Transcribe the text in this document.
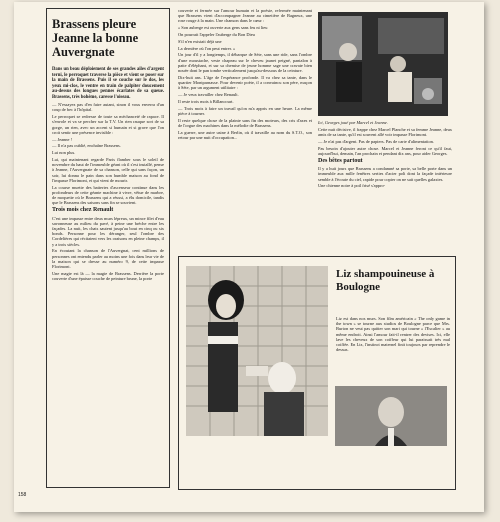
Brassens pleure Jeanne la bonne Auvergnate

Dans un beau déploiement de ses grandes ailes d'argent terni, le perroquet traverse la pièce et vient se poser sur la main de Brassens. Puis il se couche sur le dos, les yeux mi-clos, le ventre en train de palpiter doucement au-dessus des longues pennes écarlates de sa queue. Brassens, très bohème, caresse l'oiseau.

— N'essayez pas d'en faire autant, sinon il vous enverra d'un coup de bec à l'hôpital.

Le perroquet se redresse de toute sa méchanceté de rapace. Il s'envole et va se percher sur la T.V. Un rien rauque sort de sa gorge, un rien, avec un accent si humain et si grave que l'on croit sentir une présence invisible :

— Jeanne !

— Il n'a pas oublié, enchaîne Brassens.

Lui non plus.

Lui, qui maintenant regarde Paris flamber sous le soleil de novembre du haut de l'immeuble géant où il s'est installé, pense à Jeanne, l'Auvergnate de sa chanson, celle qui sans façon, un soir, lui donna le pain dans son humble maison au fond de l'impasse Florimont, et qui vient de mourir.

La course muette des batteries d'ascenseur continue dans les profondeurs de cette géante machine à vivre, vêtue de marbre, de moquette où le Brassens qui a réussi, a élu domicile, tandis que le Brassens des saisons sans fin se souvient.

Trois mois chez Renault

C'est une impasse entre deux murs lépreux, un mince filet d'eau savonneuse au milieu du pavé, à peine une brèche entre les façades. La nuit, les chats sautent jusqu'au bout en cinq ou six bonds. Personne pour les déranger, seul l'ombre des Cordelières qui récitaient vers les oraisons en pleine champs, il y a trois siècles.

En écoutant la chanson de l'Auvergnat, cent millions de personnes ont entendu parler au moins une fois dans leur vie de la maison qui se dresse au numéro 9, de cette impasse Florimont.

Une magie est là — la magie de Brassens. Derrière la porte couverte d'une épaisse couche de peinture brune, la porte

couverte et fermée sur l'amour humain et la poésie, refermée maintenant que Brassens vient d'accompagner Jeanne au cimetière de Bagneux, une rose rouge à la main. Une chanson dans le cœur :

« Son auberge est ouverte aux gens sans feu ni lieu

On pourrait l'appeler l'auberge du Bon Dieu

S'il n'en existait déjà une

La dernière où l'on peut entrer. »

Un jour d'il y a longtemps, il débarque de Sète, sans une ride, sans l'ombre d'une moustache, veste chapeau sur le cheveu jaunet peigné, pantalon à patte d'éléphant, et sur sa chemise de jeune homme sage une cravate bien nouée dont le pan tombe verticalement jusqu'au-dessous de la ceinture.

Dix-huit ans. L'âge de l'espérance profonde. Il va chez sa tante, dans le quartier Montparnasse. Pour devenir poète, il a convaincu son père, maçon à Sète, par un argument utilitaire :

— Je veux travailler chez Renault.

Il reste trois mois à Billancourt.

— Trois mois à faire un travail qu'on m'a appris en une heure. La même pièce à tourner.

Il reste quelque chose de la plainte sans fin des moteurs, des cris d'axes et de l'orgue des machines dans la mélodie de Brassens.

La guerre, une autre usine à Berlin, où il travaille au nom du S.T.O., son retour par une nuit d'occupation...

Ici, Georges joué par Marcel et Jeanne.

Cette nuit décisive, il frappe chez Marcel Planche et sa femme Jeanne, deux amis de sa tante, qu'il est souvent allé voir impasse Florimont.

— Je n'ai pas d'argent. Pas de papiers. Pas de carte d'alimentation.

Pas besoin d'ajouter autre chose. Marcel et Jeanne feront ce qu'il faut, aujourd'hui, demain, l'an prochain et pendant dix ans, pour aider Georges.

Des bêtes partout

Il y a huit jours que Brassens a condamné sa porte, sa belle porte dans un immeuble aux mille fenêtres serties d'acier poli dont la façade intérieure semble à l'écoute du ciel, rapide pour copier on ne sait quelles galaxies.

Une chienne noire à poil frisé s'appro-

Liz shampouineuse à Boulogne

Liz est dans nos murs. Son film américain « The only game in the town » se tourne aux studios de Boulogne parce que Mrs. Burton ne veut pas quitter son mari qui tourne « l'Escalier » au même endroit. Ainsi l'amour fait-il rentrer des devises. Ici, elle lave les cheveux de son coiffeur qui lui paraissait très mal coiffée. En Liz, l'instinct maternel finit toujours par reprendre le dessus.

158
